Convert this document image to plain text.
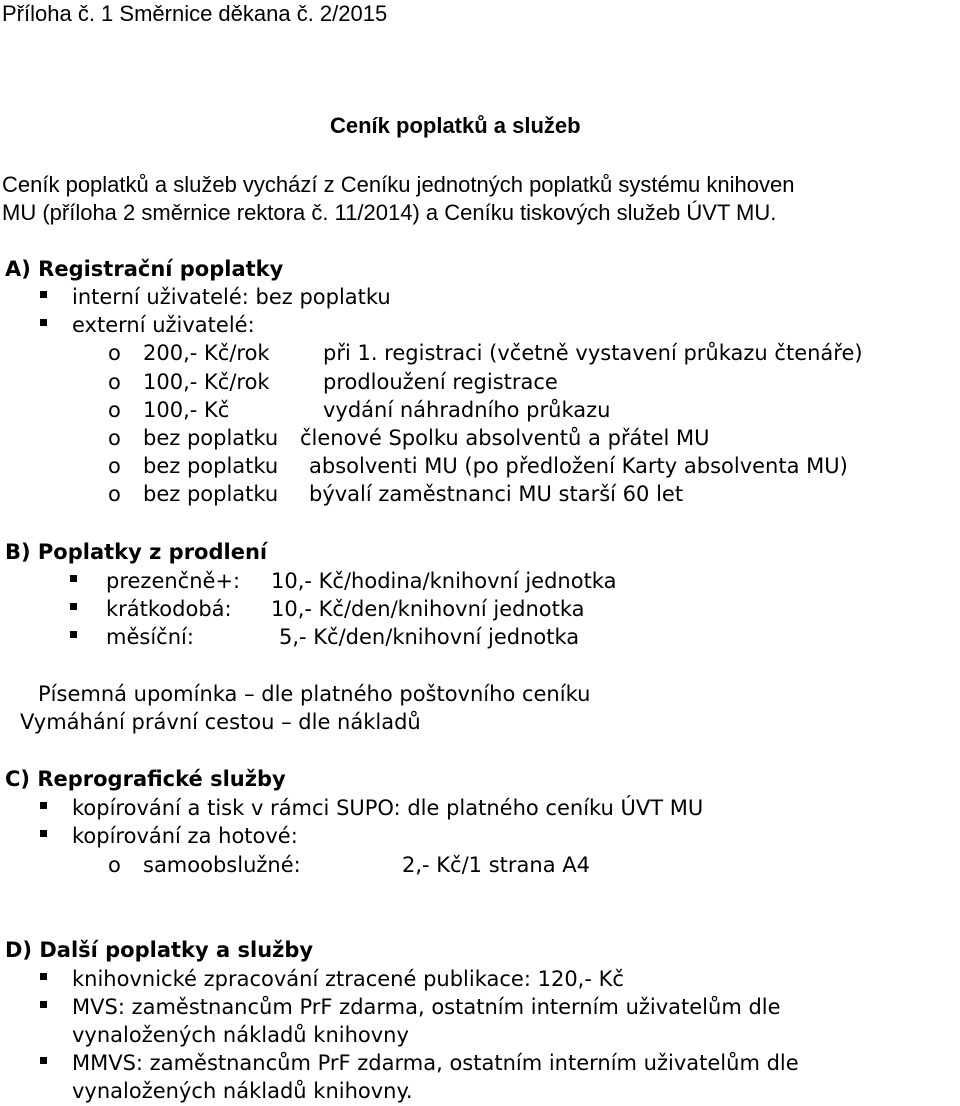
Příloha č. 1 Směrnice děkana č. 2/2015
Ceník poplatků a služeb
Ceník poplatků a služeb vychází z Ceníku jednotných poplatků systému knihoven
MU (příloha 2 směrnice rektora č. 11/2014) a Ceníku tiskových služeb ÚVT MU.
A) Registrační poplatky
interní uživatelé: bez poplatku
externí uživatelé:
o 200,- Kč/rok	při 1. registraci (včetně vystavení průkazu čtenáře)
o 100,- Kč/rok	prodloužení registrace
o 100,- Kč	vydání náhradního průkazu
o bez poplatku členové Spolku absolventů a přátel MU
o bez poplatku absolventi MU (po předložení Karty absolventa MU)
o bez poplatku bývalí zaměstnanci MU starší 60 let
B) Poplatky z prodlení
prezenčně+: 10,- Kč/hodina/knihovní jednotka
krátkodobá: 10,- Kč/den/knihovní jednotka
měsíční:	5,- Kč/den/knihovní jednotka
Písemná upomínka – dle platného poštovního ceníku
Vymáhání právní cestou – dle nákladů
C) Reprografické služby
kopírování a tisk v rámci SUPO: dle platného ceníku ÚVT MU
kopírování za hotové:
o samoobslužné:	2,- Kč/1 strana A4
D) Další poplatky a služby
knihovnické zpracování ztracené publikace: 120,- Kč
MVS: zaměstnancům PrF zdarma, ostatním interním uživatelům dle
vynaložených nákladů knihovny
MMVS: zaměstnancům PrF zdarma, ostatním interním uživatelům dle
vynaložených nákladů knihovny.
